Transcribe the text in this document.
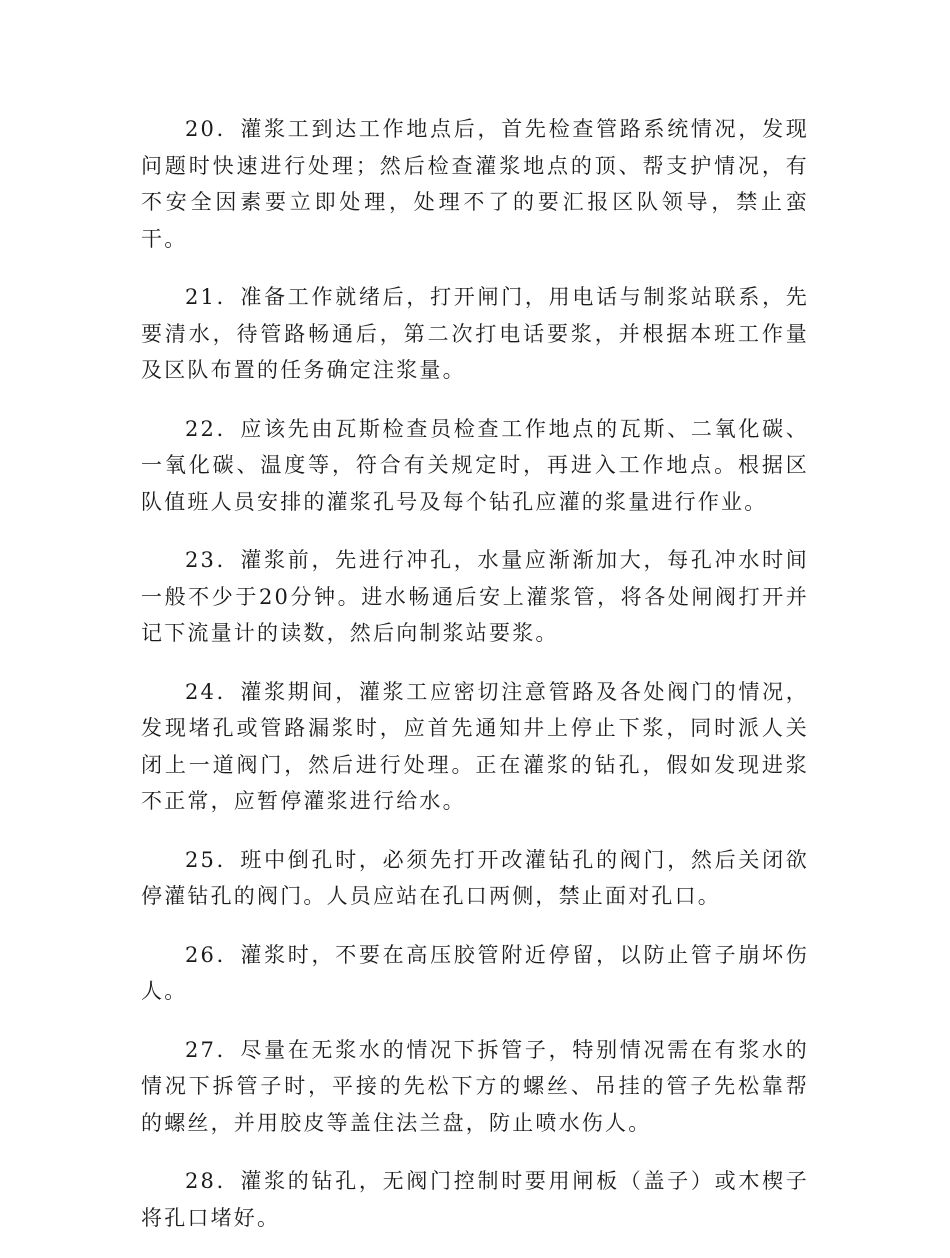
20．灌浆工到达工作地点后，首先检查管路系统情况，发现问题时快速进行处理；然后检查灌浆地点的顶、帮支护情况，有不安全因素要立即处理，处理不了的要汇报区队领导，禁止蛮干。

21．准备工作就绪后，打开闸门，用电话与制浆站联系，先要清水，待管路畅通后，第二次打电话要浆，并根据本班工作量及区队布置的任务确定注浆量。

22．应该先由瓦斯检查员检查工作地点的瓦斯、二氧化碳、一氧化碳、温度等，符合有关规定时，再进入工作地点。根据区队值班人员安排的灌浆孔号及每个钻孔应灌的浆量进行作业。

23．灌浆前，先进行冲孔，水量应渐渐加大，每孔冲水时间一般不少于20分钟。进水畅通后安上灌浆管，将各处闸阀打开并记下流量计的读数，然后向制浆站要浆。

24．灌浆期间，灌浆工应密切注意管路及各处阀门的情况，发现堵孔或管路漏浆时，应首先通知井上停止下浆，同时派人关闭上一道阀门，然后进行处理。正在灌浆的钻孔，假如发现进浆不正常，应暂停灌浆进行给水。

25．班中倒孔时，必须先打开改灌钻孔的阀门，然后关闭欲停灌钻孔的阀门。人员应站在孔口两侧，禁止面对孔口。

26．灌浆时，不要在高压胶管附近停留，以防止管子崩坏伤人。

27．尽量在无浆水的情况下拆管子，特别情况需在有浆水的情况下拆管子时，平接的先松下方的螺丝、吊挂的管子先松靠帮的螺丝，并用胶皮等盖住法兰盘，防止喷水伤人。

28．灌浆的钻孔，无阀门控制时要用闸板（盖子）或木楔子将孔口堵好。
